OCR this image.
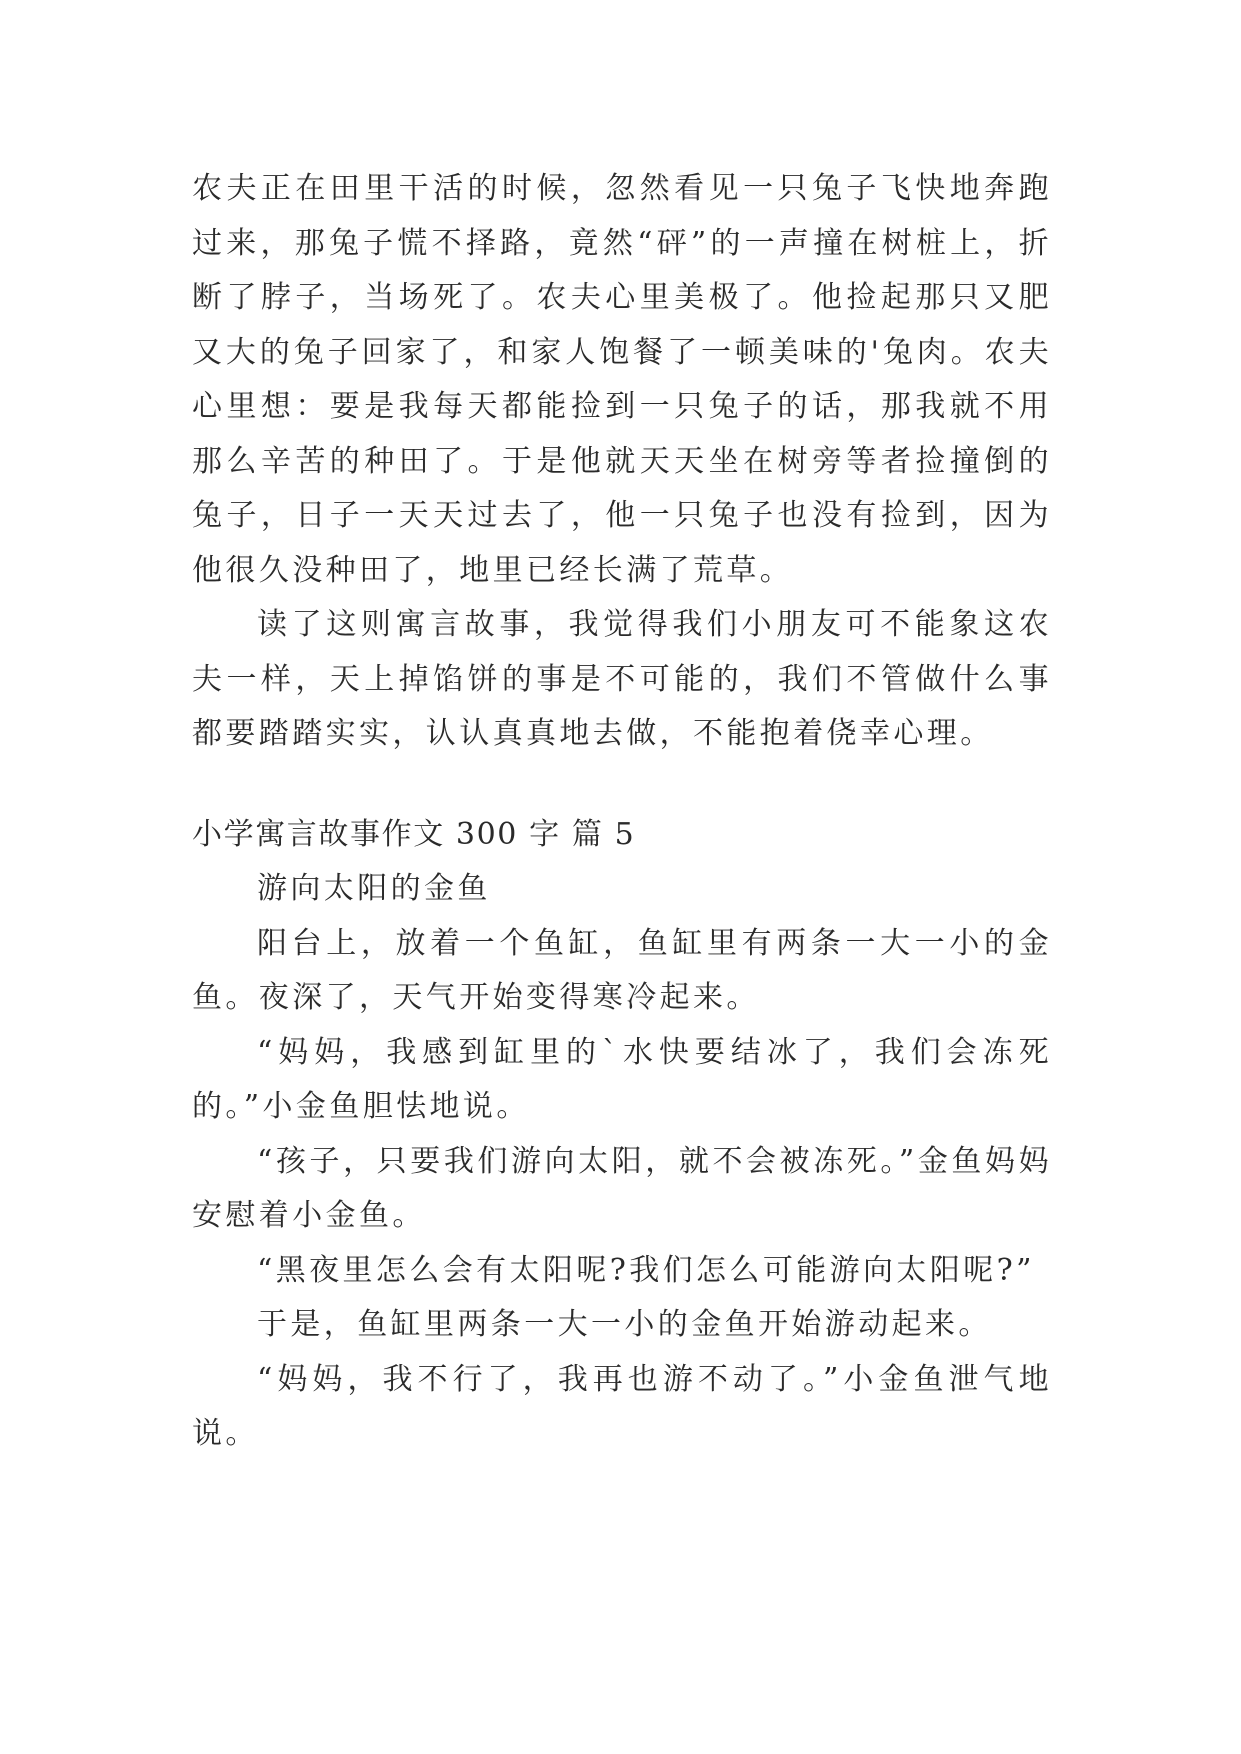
农夫正在田里干活的时候，忽然看见一只兔子飞快地奔跑过来，那兔子慌不择路，竟然“砰”的一声撞在树桩上，折断了脖子，当场死了。农夫心里美极了。他捡起那只又肥又大的兔子回家了，和家人饱餐了一顿美味的'兔肉。农夫心里想：要是我每天都能捡到一只兔子的话，那我就不用那么辛苦的种田了。于是他就天天坐在树旁等者捡撞倒的兔子，日子一天天过去了，他一只兔子也没有捡到，因为他很久没种田了，地里已经长满了荒草。

读了这则寓言故事，我觉得我们小朋友可不能象这农夫一样，天上掉馅饼的事是不可能的，我们不管做什么事都要踏踏实实，认认真真地去做，不能抱着侥幸心理。

小学寓言故事作文 300 字 篇 5

游向太阳的金鱼

阳台上，放着一个鱼缸，鱼缸里有两条一大一小的金鱼。夜深了，天气开始变得寒冷起来。

“妈妈，我感到缸里的`水快要结冰了，我们会冻死的。”小金鱼胆怯地说。

“孩子，只要我们游向太阳，就不会被冻死。”金鱼妈妈安慰着小金鱼。

“黑夜里怎么会有太阳呢?我们怎么可能游向太阳呢?”

于是，鱼缸里两条一大一小的金鱼开始游动起来。

“妈妈，我不行了，我再也游不动了。”小金鱼泄气地说。
